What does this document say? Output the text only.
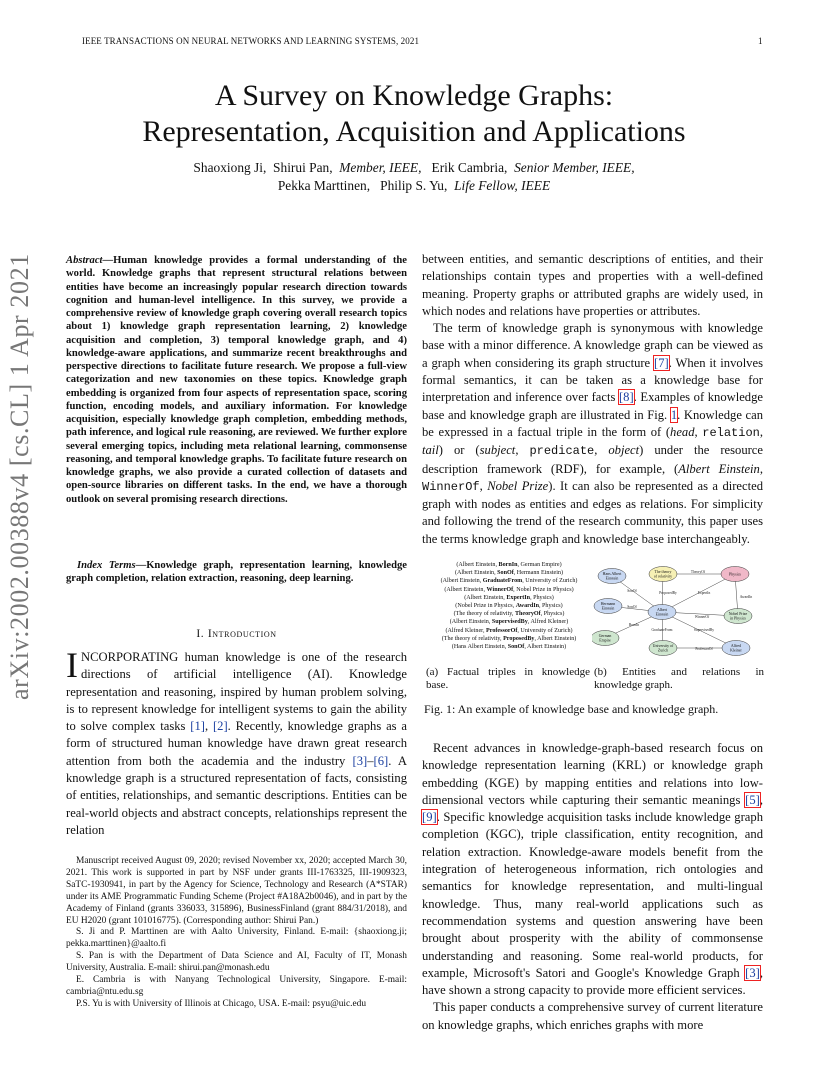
IEEE TRANSACTIONS ON NEURAL NETWORKS AND LEARNING SYSTEMS, 2021	1
arXiv:2002.00388v4 [cs.CL] 1 Apr 2021
A Survey on Knowledge Graphs:
Representation, Acquisition and Applications
Shaoxiong Ji, Shirui Pan, Member, IEEE, Erik Cambria, Senior Member, IEEE,
Pekka Marttinen, Philip S. Yu, Life Fellow, IEEE
Abstract—Human knowledge provides a formal understanding of the world. Knowledge graphs that represent structural relations between entities have become an increasingly popular research direction towards cognition and human-level intelligence. In this survey, we provide a comprehensive review of knowledge graph covering overall research topics about 1) knowledge graph representation learning, 2) knowledge acquisition and completion, 3) temporal knowledge graph, and 4) knowledge-aware applications, and summarize recent breakthroughs and perspective directions to facilitate future research. We propose a full-view categorization and new taxonomies on these topics. Knowledge graph embedding is organized from four aspects of representation space, scoring function, encoding models, and auxiliary information. For knowledge acquisition, especially knowledge graph completion, embedding methods, path inference, and logical rule reasoning, are reviewed. We further explore several emerging topics, including meta relational learning, commonsense reasoning, and temporal knowledge graphs. To facilitate future research on knowledge graphs, we also provide a curated collection of datasets and open-source libraries on different tasks. In the end, we have a thorough outlook on several promising research directions.
Index Terms—Knowledge graph, representation learning, knowledge graph completion, relation extraction, reasoning, deep learning.
I. Introduction
INCORPORATING human knowledge is one of the research directions of artificial intelligence (AI). Knowledge representation and reasoning, inspired by human problem solving, is to represent knowledge for intelligent systems to gain the ability to solve complex tasks [1], [2]. Recently, knowledge graphs as a form of structured human knowledge have drawn great research attention from both the academia and the industry [3]–[6]. A knowledge graph is a structured representation of facts, consisting of entities, relationships, and semantic descriptions. Entities can be real-world objects and abstract concepts, relationships represent the relation

Manuscript received August 09, 2020; revised November xx, 2020; accepted March 30, 2021. This work is supported in part by NSF under grants III-1763325, III-1909323, SaTC-1930941, in part by the Agency for Science, Technology and Research (A*STAR) under its AME Programmatic Funding Scheme (Project #A18A2b0046), and in part by the Academy of Finland (grants 336033, 315896), BusinessFinland (grant 884/31/2018), and EU H2020 (grant 101016775). (Corresponding author: Shirui Pan.)

S. Ji and P. Marttinen are with Aalto University, Finland. E-mail: {shaoxiong.ji; pekka.marttinen}@aalto.fi

S. Pan is with the Department of Data Science and AI, Faculty of IT, Monash University, Australia. E-mail: shirui.pan@monash.edu

E. Cambria is with Nanyang Technological University, Singapore. E-mail: cambria@ntu.edu.sg

P.S. Yu is with University of Illinois at Chicago, USA. E-mail: psyu@uic.edu

between entities, and semantic descriptions of entities, and their relationships contain types and properties with a well-defined meaning. Property graphs or attributed graphs are widely used, in which nodes and relations have properties or attributes.

The term of knowledge graph is synonymous with knowledge base with a minor difference. A knowledge graph can be viewed as a graph when considering its graph structure [7]. When it involves formal semantics, it can be taken as a knowledge base for interpretation and inference over facts [8]. Examples of knowledge base and knowledge graph are illustrated in Fig. 1. Knowledge can be expressed in a factual triple in the form of (head, relation, tail) or (subject, predicate, object) under the resource description framework (RDF), for example, (Albert Einstein, WinnerOf, Nobel Prize). It can also be represented as a directed graph with nodes as entities and edges as relations. For simplicity and following the trend of the research community, this paper uses the terms knowledge graph and knowledge base interchangeably.

(Albert Einstein, BornIn, German Empire)
(Albert Einstein, SonOf, Hermann Einstein)
(Albert Einstein, GraduateFrom, University of Zurich)
(Albert Einstein, WinnerOf, Nobel Prize in Physics)
(Albert Einstein, ExpertIn, Physics)
(Nobel Prize in Physics, AwardIn, Physics)
(The theory of relativity, TheoryOf, Physics)
(Albert Einstein, SupervisedBy, Alfred Kleiner)
(Alfred Kleiner, ProfessorOf, University of Zurich)
(The theory of relativity, ProposedBy, Albert Einstein)
(Hans Albert Einstein, SonOf, Albert Einstein)
TheoryOf
SonOf	ProposedBy	ExpertIn
AwardIn
SonOf
WinnerOf
BornIn
GraduateFrom	SupervisedBy
ProfessorOf
Hans Albert Einstein
The theory of relativity
Physics
Hermann Einstein	Albert Einstein	Nobel Prize in Physics
German Empire
University of Zurich
Alfred Kleiner
(a) Factual triples in knowledge base.
(b) Entities and relations in knowledge graph.
Fig. 1: An example of knowledge base and knowledge graph.

Recent advances in knowledge-graph-based research focus on knowledge representation learning (KRL) or knowledge graph embedding (KGE) by mapping entities and relations into low-dimensional vectors while capturing their semantic meanings [5], [9]. Specific knowledge acquisition tasks include knowledge graph completion (KGC), triple classification, entity recognition, and relation extraction. Knowledge-aware models benefit from the integration of heterogeneous information, rich ontologies and semantics for knowledge representation, and multi-lingual knowledge. Thus, many real-world applications such as recommendation systems and question answering have been brought about prosperity with the ability of commonsense understanding and reasoning. Some real-world products, for example, Microsoft's Satori and Google's Knowledge Graph [3], have shown a strong capacity to provide more efficient services.

This paper conducts a comprehensive survey of current literature on knowledge graphs, which enriches graphs with more
